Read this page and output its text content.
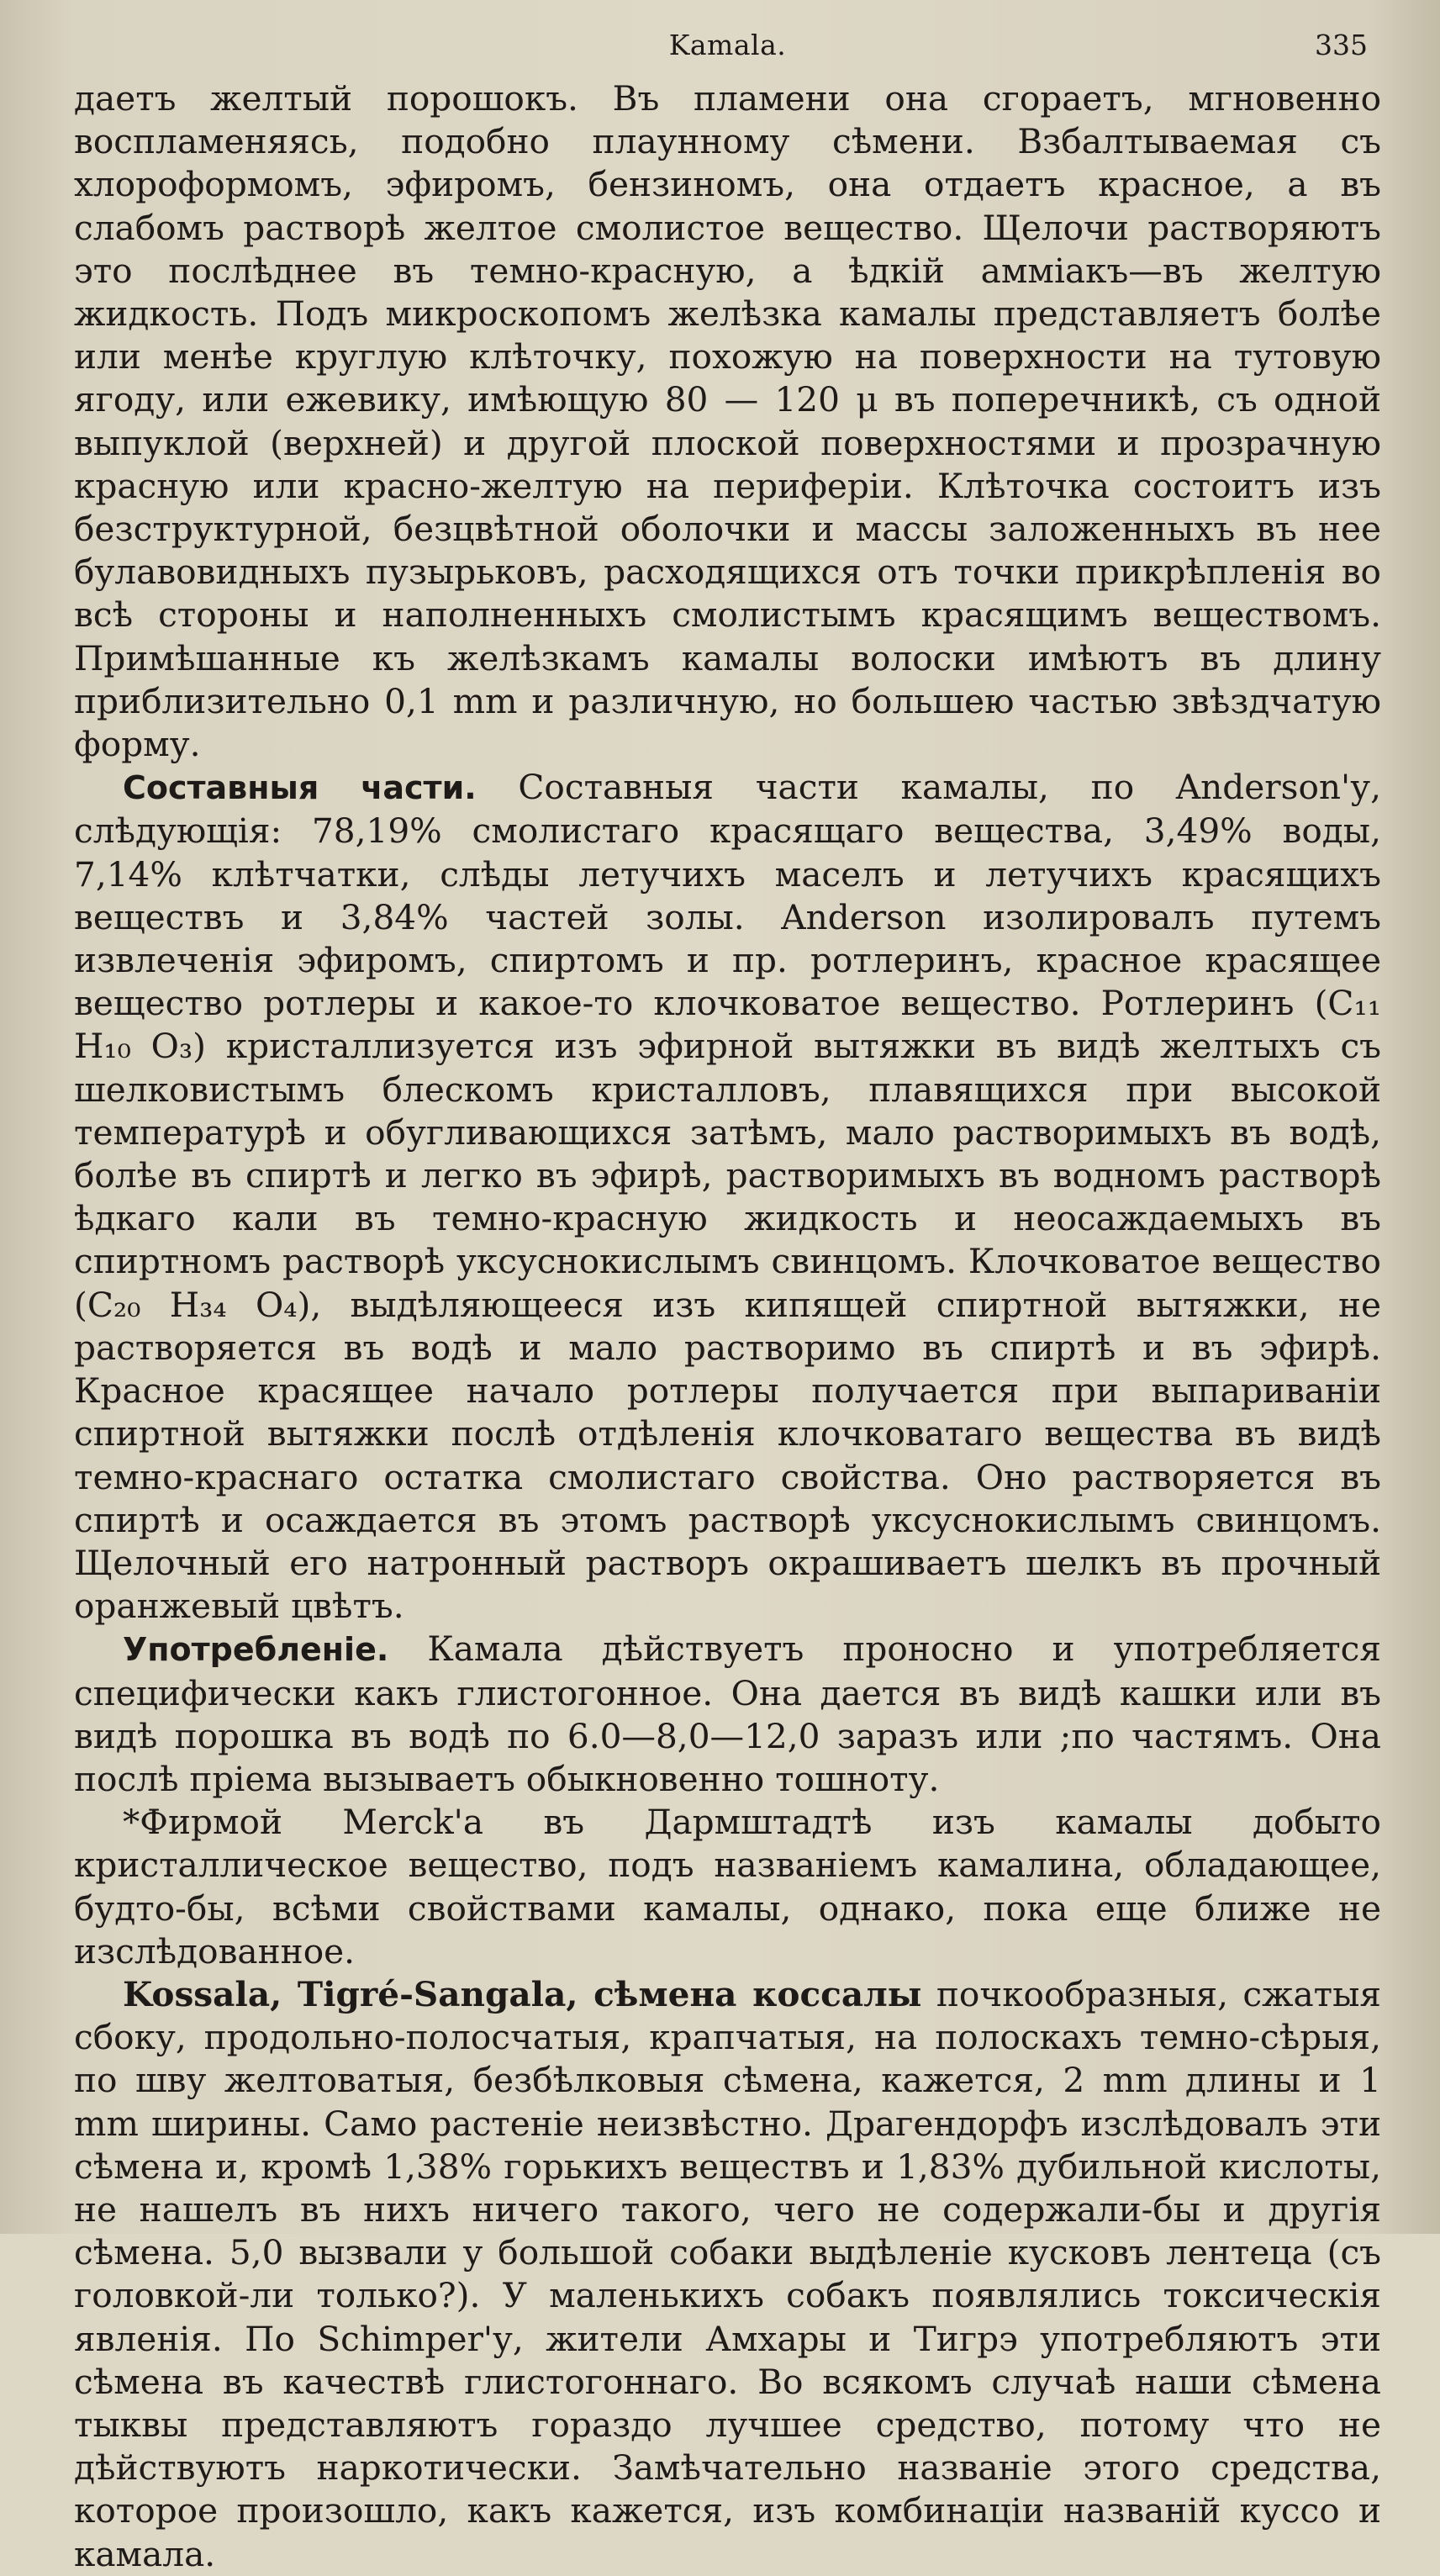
Kamala.	335

даетъ желтый порошокъ. Въ пламени она сгораетъ, мгновенно воспламеняясь, подобно плаунному сѣмени. Взбалтываемая съ хлороформомъ, эфиромъ, бензиномъ, она отдаетъ красное, а въ слабомъ растворѣ желтое смолистое вещество. Щелочи растворяютъ это послѣднее въ темно-красную, а ѣдкій аммiакъ—въ желтую жидкость. Подъ микроскопомъ желѣзка камалы представляетъ болѣе или менѣе круглую клѣточку, похожую на поверхности на тутовую ягоду, или ежевику, имѣющую 80 — 120 μ въ поперечникѣ, съ одной выпуклой (верхней) и другой плоской поверхностями и прозрачную красную или красно-желтую на периферiи. Клѣточка состоитъ изъ безструктурной, безцвѣтной оболочки и массы заложенныхъ въ нее булавовидныхъ пузырьковъ, расходящихся отъ точки прикрѣпленiя во всѣ стороны и наполненныхъ смолистымъ красящимъ веществомъ. Примѣшанные къ желѣзкамъ камалы волоски имѣютъ въ длину приблизительно 0,1 mm и различную, но большею частью звѣздчатую форму.

Составныя части. Составныя части камалы, по Anderson'у, слѣдующiя: 78,19% смолистаго красящаго вещества, 3,49% воды, 7,14% клѣтчатки, слѣды летучихъ маселъ и летучихъ красящихъ веществъ и 3,84% частей золы. Anderson изолировалъ путемъ извлеченiя эфиромъ, спиртомъ и пр. ротлеринъ, красное красящее вещество ротлеры и какое-то клочковатое вещество. Ротлеринъ (C₁₁ H₁₀ O₃) кристаллизуется изъ эфирной вытяжки въ видѣ желтыхъ съ шелковистымъ блескомъ кристалловъ, плавящихся при высокой температурѣ и обугливающихся затѣмъ, мало растворимыхъ въ водѣ, болѣе въ спиртѣ и легко въ эфирѣ, растворимыхъ въ водномъ растворѣ ѣдкаго кали въ темно-красную жидкость и неосаждаемыхъ въ спиртномъ растворѣ уксуснокислымъ свинцомъ. Клочковатое вещество (C₂₀ H₃₄ O₄), выдѣляющееся изъ кипящей спиртной вытяжки, не растворяется въ водѣ и мало растворимо въ спиртѣ и въ эфирѣ. Красное красящее начало ротлеры получается при выпариванiи спиртной вытяжки послѣ отдѣленiя клочковатаго вещества въ видѣ темно-краснаго остатка смолистаго свойства. Оно растворяется въ спиртѣ и осаждается въ этомъ растворѣ уксуснокислымъ свинцомъ. Щелочный его натронный растворъ окрашиваетъ шелкъ въ прочный оранжевый цвѣтъ.

Употребленіе. Камала дѣйствуетъ проносно и употребляется специфически какъ глистогонное. Она дается въ видѣ кашки или въ видѣ порошка въ водѣ по 6.0—8,0—12,0 заразъ или ;по частямъ. Она послѣ прiема вызываетъ обыкновенно тошноту.

*Фирмой Merck'а въ Дармштадтѣ изъ камалы добыто кристаллическое вещество, подъ названiемъ камалина, обладающее, будто-бы, всѣми свойствами камалы, однако, пока еще ближе не изслѣдованное.

Kossala, Tigré-Sangala, сѣмена коссалы почкообразныя, сжатыя сбоку, продольно-полосчатыя, крапчатыя, на полоскахъ темно-сѣрыя, по шву желтоватыя, безбѣлковыя сѣмена, кажется, 2 mm длины и 1 mm ширины. Само растенiе неизвѣстно. Драгендорфъ изслѣдовалъ эти сѣмена и, кромѣ 1,38% горькихъ веществъ и 1,83% дубильной кислоты, не нашелъ въ нихъ ничего такого, чего не содержали-бы и другiя сѣмена. 5,0 вызвали у большой собаки выдѣленiе кусковъ лентеца (съ головкой-ли только?). У маленькихъ собакъ появлялись токсическiя явленiя. По Schimper'у, жители Амхары и Тигрэ употребляютъ эти сѣмена въ качествѣ глистогоннаго. Во всякомъ случаѣ наши сѣмена тыквы представляютъ гораздо лучшее средство, потому что не дѣйствуютъ наркотически. Замѣчательно названiе этого средства, которое произошло, какъ кажется, изъ комбинацiи названiй куссо и камала.
